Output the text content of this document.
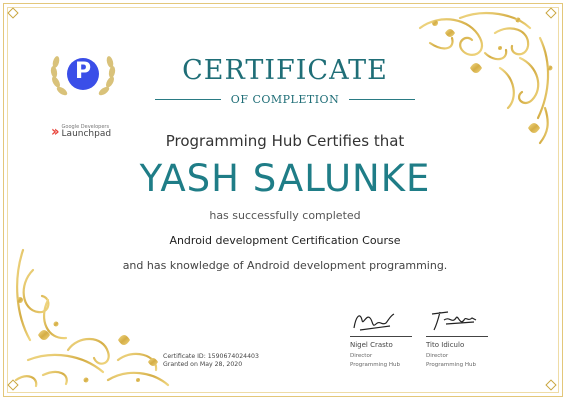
P
›› Google Developers
Launchpad
CERTIFICATE
OF COMPLETION
Programming Hub Certifies that
YASH SALUNKE
has successfully completed
Android development Certification Course
and has knowledge of Android development programming.
Certificate ID: 1590674024403
Granted on May 28, 2020
Nigel Crasto
Director
Programming Hub
Tito Idiculo
Director
Programming Hub
